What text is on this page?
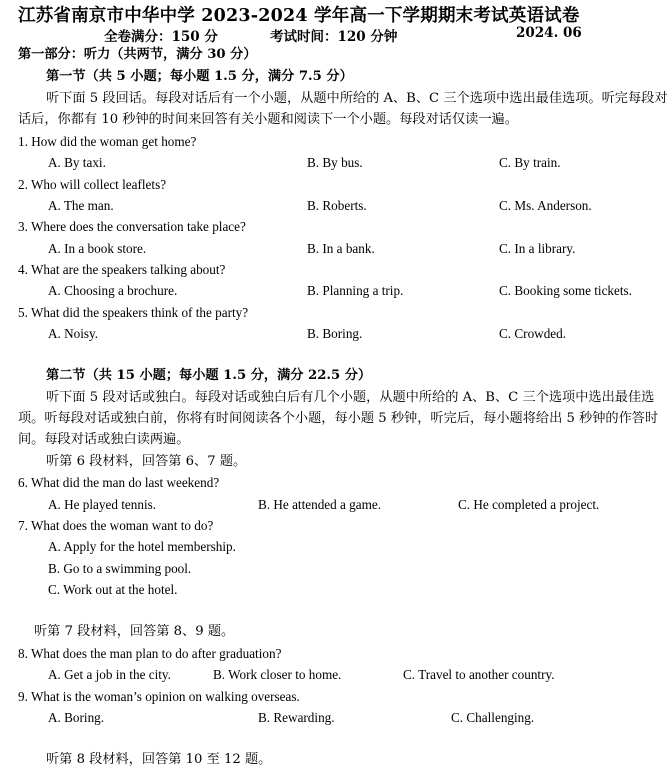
江苏省南京市中华中学 2023-2024 学年高一下学期期末考试英语试卷
全卷满分：150 分	考试时间：120 分钟	2024. 06
第一部分：听力（共两节，满分 30 分）
第一节（共 5 小题；每小题 1.5 分，满分 7.5 分）
听下面 5 段回话。每段对话后有一个小题，从题中所给的 A、B、C 三个选项中选出最佳选项。听完每段对话后，你都有 10 秒钟的时间来回答有关小题和阅读下一个小题。每段对话仅读一遍。
1. How did the woman get home?
A. By taxi.	B. By bus.	C. By train.
2. Who will collect leaflets?
A. The man.	B. Roberts.	C. Ms. Anderson.
3. Where does the conversation take place?
A. In a book store.	B. In a bank.	C. In a library.
4. What are the speakers talking about?
A. Choosing a brochure.	B. Planning a trip.	C. Booking some tickets.
5. What did the speakers think of the party?
A. Noisy.	B. Boring.	C. Crowded.
第二节（共 15 小题；每小题 1.5 分，满分 22.5 分）
听下面 5 段对话或独白。每段对话或独白后有几个小题，从题中所给的 A、B、C 三个选项中选出最佳选项。听每段对话或独白前，你将有时间阅读各个小题，每小题 5 秒钟，听完后，每小题将给出 5 秒钟的作答时间。每段对话或独白读两遍。
听第 6 段材料，回答第 6、7 题。
6. What did the man do last weekend?
A. He played tennis.	B. He attended a game.	C. He completed a project.
7. What does the woman want to do?
A. Apply for the hotel membership.
B. Go to a swimming pool.
C. Work out at the hotel.
听第 7 段材料，回答第 8、9 题。
8. What does the man plan to do after graduation?
A. Get a job in the city.	B. Work closer to home.	C. Travel to another country.
9. What is the woman’s opinion on walking overseas.
A. Boring.	B. Rewarding.	C. Challenging.
听第 8 段材料，回答第 10 至 12 题。
